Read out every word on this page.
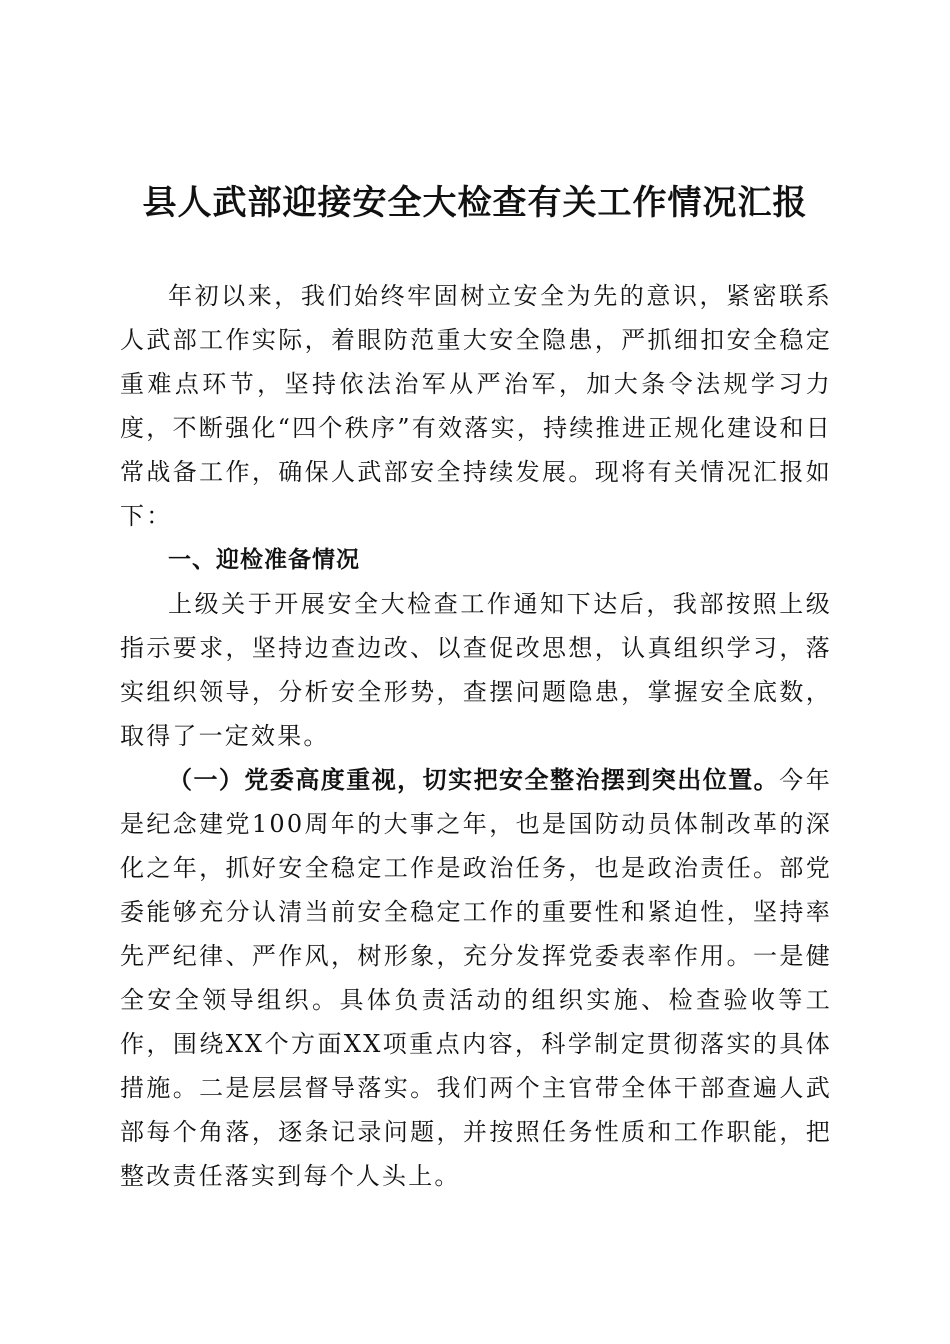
县人武部迎接安全大检查有关工作情况汇报

年初以来，我们始终牢固树立安全为先的意识，紧密联系人武部工作实际，着眼防范重大安全隐患，严抓细扣安全稳定重难点环节，坚持依法治军从严治军，加大条令法规学习力度，不断强化“四个秩序”有效落实，持续推进正规化建设和日常战备工作，确保人武部安全持续发展。现将有关情况汇报如下：

一、迎检准备情况

上级关于开展安全大检查工作通知下达后，我部按照上级指示要求，坚持边查边改、以查促改思想，认真组织学习，落实组织领导，分析安全形势，查摆问题隐患，掌握安全底数，取得了一定效果。

（一）党委高度重视，切实把安全整治摆到突出位置。今年是纪念建党100周年的大事之年，也是国防动员体制改革的深化之年，抓好安全稳定工作是政治任务，也是政治责任。部党委能够充分认清当前安全稳定工作的重要性和紧迫性，坚持率先严纪律、严作风，树形象，充分发挥党委表率作用。一是健全安全领导组织。具体负责活动的组织实施、检查验收等工作，围绕XX个方面XX项重点内容，科学制定贯彻落实的具体措施。二是层层督导落实。我们两个主官带全体干部查遍人武部每个角落，逐条记录问题，并按照任务性质和工作职能，把整改责任落实到每个人头上。
